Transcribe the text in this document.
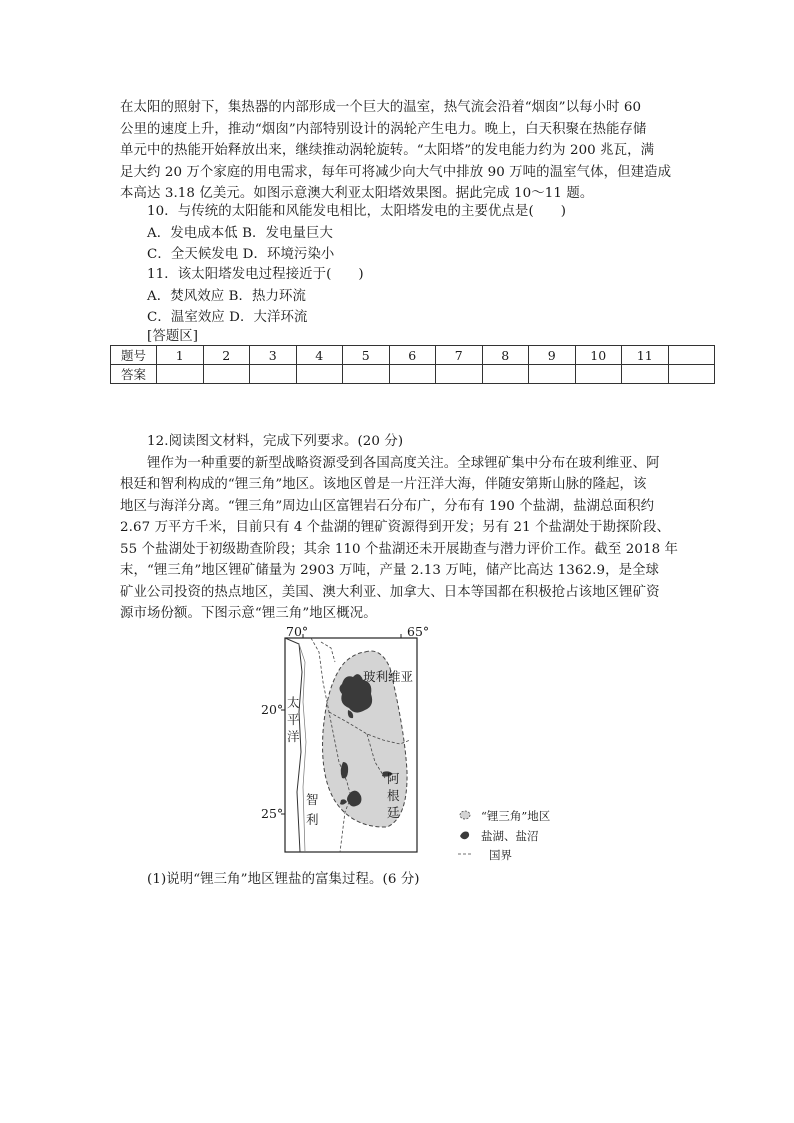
在太阳的照射下，集热器的内部形成一个巨大的温室，热气流会沿着“烟囱”以每小时 60
公里的速度上升，推动“烟囱”内部特别设计的涡轮产生电力。晚上，白天积聚在热能存储
单元中的热能开始释放出来，继续推动涡轮旋转。“太阳塔”的发电能力约为 200 兆瓦，满
足大约 20 万个家庭的用电需求，每年可将减少向大气中排放 90 万吨的温室气体，但建造成
本高达 3.18 亿美元。如图示意澳大利亚太阳塔效果图。据此完成 10～11 题。
10．与传统的太阳能和风能发电相比，太阳塔发电的主要优点是(　　)
A．发电成本低 B．发电量巨大
C．全天候发电 D．环境污染小
11．该太阳塔发电过程接近于(　　)
A．焚风效应 B．热力环流
C．温室效应 D．大洋环流
[答题区]
题号	1	2	3	4	5	6	7	8	9	10	11	
答案												
12.阅读图文材料，完成下列要求。(20 分)
锂作为一种重要的新型战略资源受到各国高度关注。全球锂矿集中分布在玻利维亚、阿
根廷和智利构成的“锂三角”地区。该地区曾是一片汪洋大海，伴随安第斯山脉的隆起，该
地区与海洋分离。“锂三角”周边山区富锂岩石分布广，分布有 190 个盐湖，盐湖总面积约
2.67 万平方千米，目前只有 4 个盐湖的锂矿资源得到开发；另有 21 个盐湖处于勘探阶段、
55 个盐湖处于初级勘查阶段；其余 110 个盐湖还未开展勘查与潜力评价工作。截至 2018 年
末，“锂三角”地区锂矿储量为 2903 万吨，产量 2.13 万吨，储产比高达 1362.9，是全球
矿业公司投资的热点地区，美国、澳大利亚、加拿大、日本等国都在积极抢占该地区锂矿资
源市场份额。下图示意“锂三角”地区概况。
70°	65°
20°
25°
太
平
洋
玻利维亚
阿
根
廷
智
利	“锂三角”地区
盐湖、盐沼
国界
(1)说明“锂三角”地区锂盐的富集过程。(6 分)
